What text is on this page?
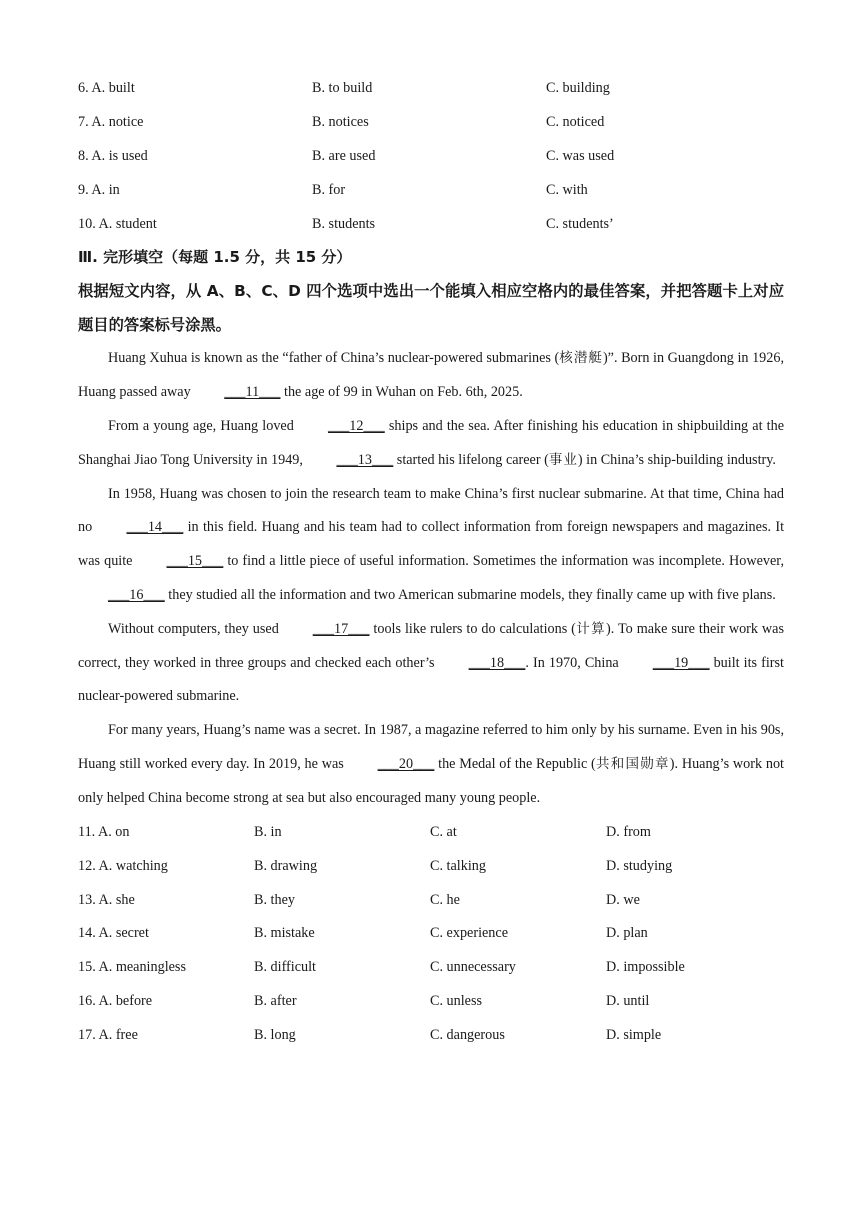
6. A. built	B. to build	C. building
7. A. notice	B. notices	C. noticed
8. A. is used	B. are used	C. was used
9. A. in	B. for	C. with
10. A. student	B. students	C. students’
Ⅲ. 完形填空（每题 1.5 分，共 15 分）
根据短文内容，从 A、B、C、D 四个选项中选出一个能填入相应空格内的最佳答案，并把答题卡上对应题目的答案标号涂黑。

Huang Xuhua is known as the “father of China’s nuclear-powered submarines (核潜艇)”. Born in Guangdong in 1926, Huang passed away ___11___ the age of 99 in Wuhan on Feb. 6th, 2025.

From a young age, Huang loved ___12___ ships and the sea. After finishing his education in shipbuilding at the Shanghai Jiao Tong University in 1949, ___13___ started his lifelong career (事业) in China’s ship-building industry.

In 1958, Huang was chosen to join the research team to make China’s first nuclear submarine. At that time, China had no ___14___ in this field. Huang and his team had to collect information from foreign newspapers and magazines. It was quite ___15___ to find a little piece of useful information. Sometimes the information was incomplete. However, ___16___ they studied all the information and two American submarine models, they finally came up with five plans.

Without computers, they used ___17___ tools like rulers to do calculations (计算). To make sure their work was correct, they worked in three groups and checked each other’s ___18___. In 1970, China ___19___ built its first nuclear-powered submarine.

For many years, Huang’s name was a secret. In 1987, a magazine referred to him only by his surname. Even in his 90s, Huang still worked every day. In 2019, he was ___20___ the Medal of the Republic (共和国勋章). Huang’s work not only helped China become strong at sea but also encouraged many young people.

11. A. on	B. in	C. at	D. from
12. A. watching	B. drawing	C. talking	D. studying
13. A. she	B. they	C. he	D. we
14. A. secret	B. mistake	C. experience	D. plan
15. A. meaningless	B. difficult	C. unnecessary	D. impossible
16. A. before	B. after	C. unless	D. until
17. A. free	B. long	C. dangerous	D. simple
